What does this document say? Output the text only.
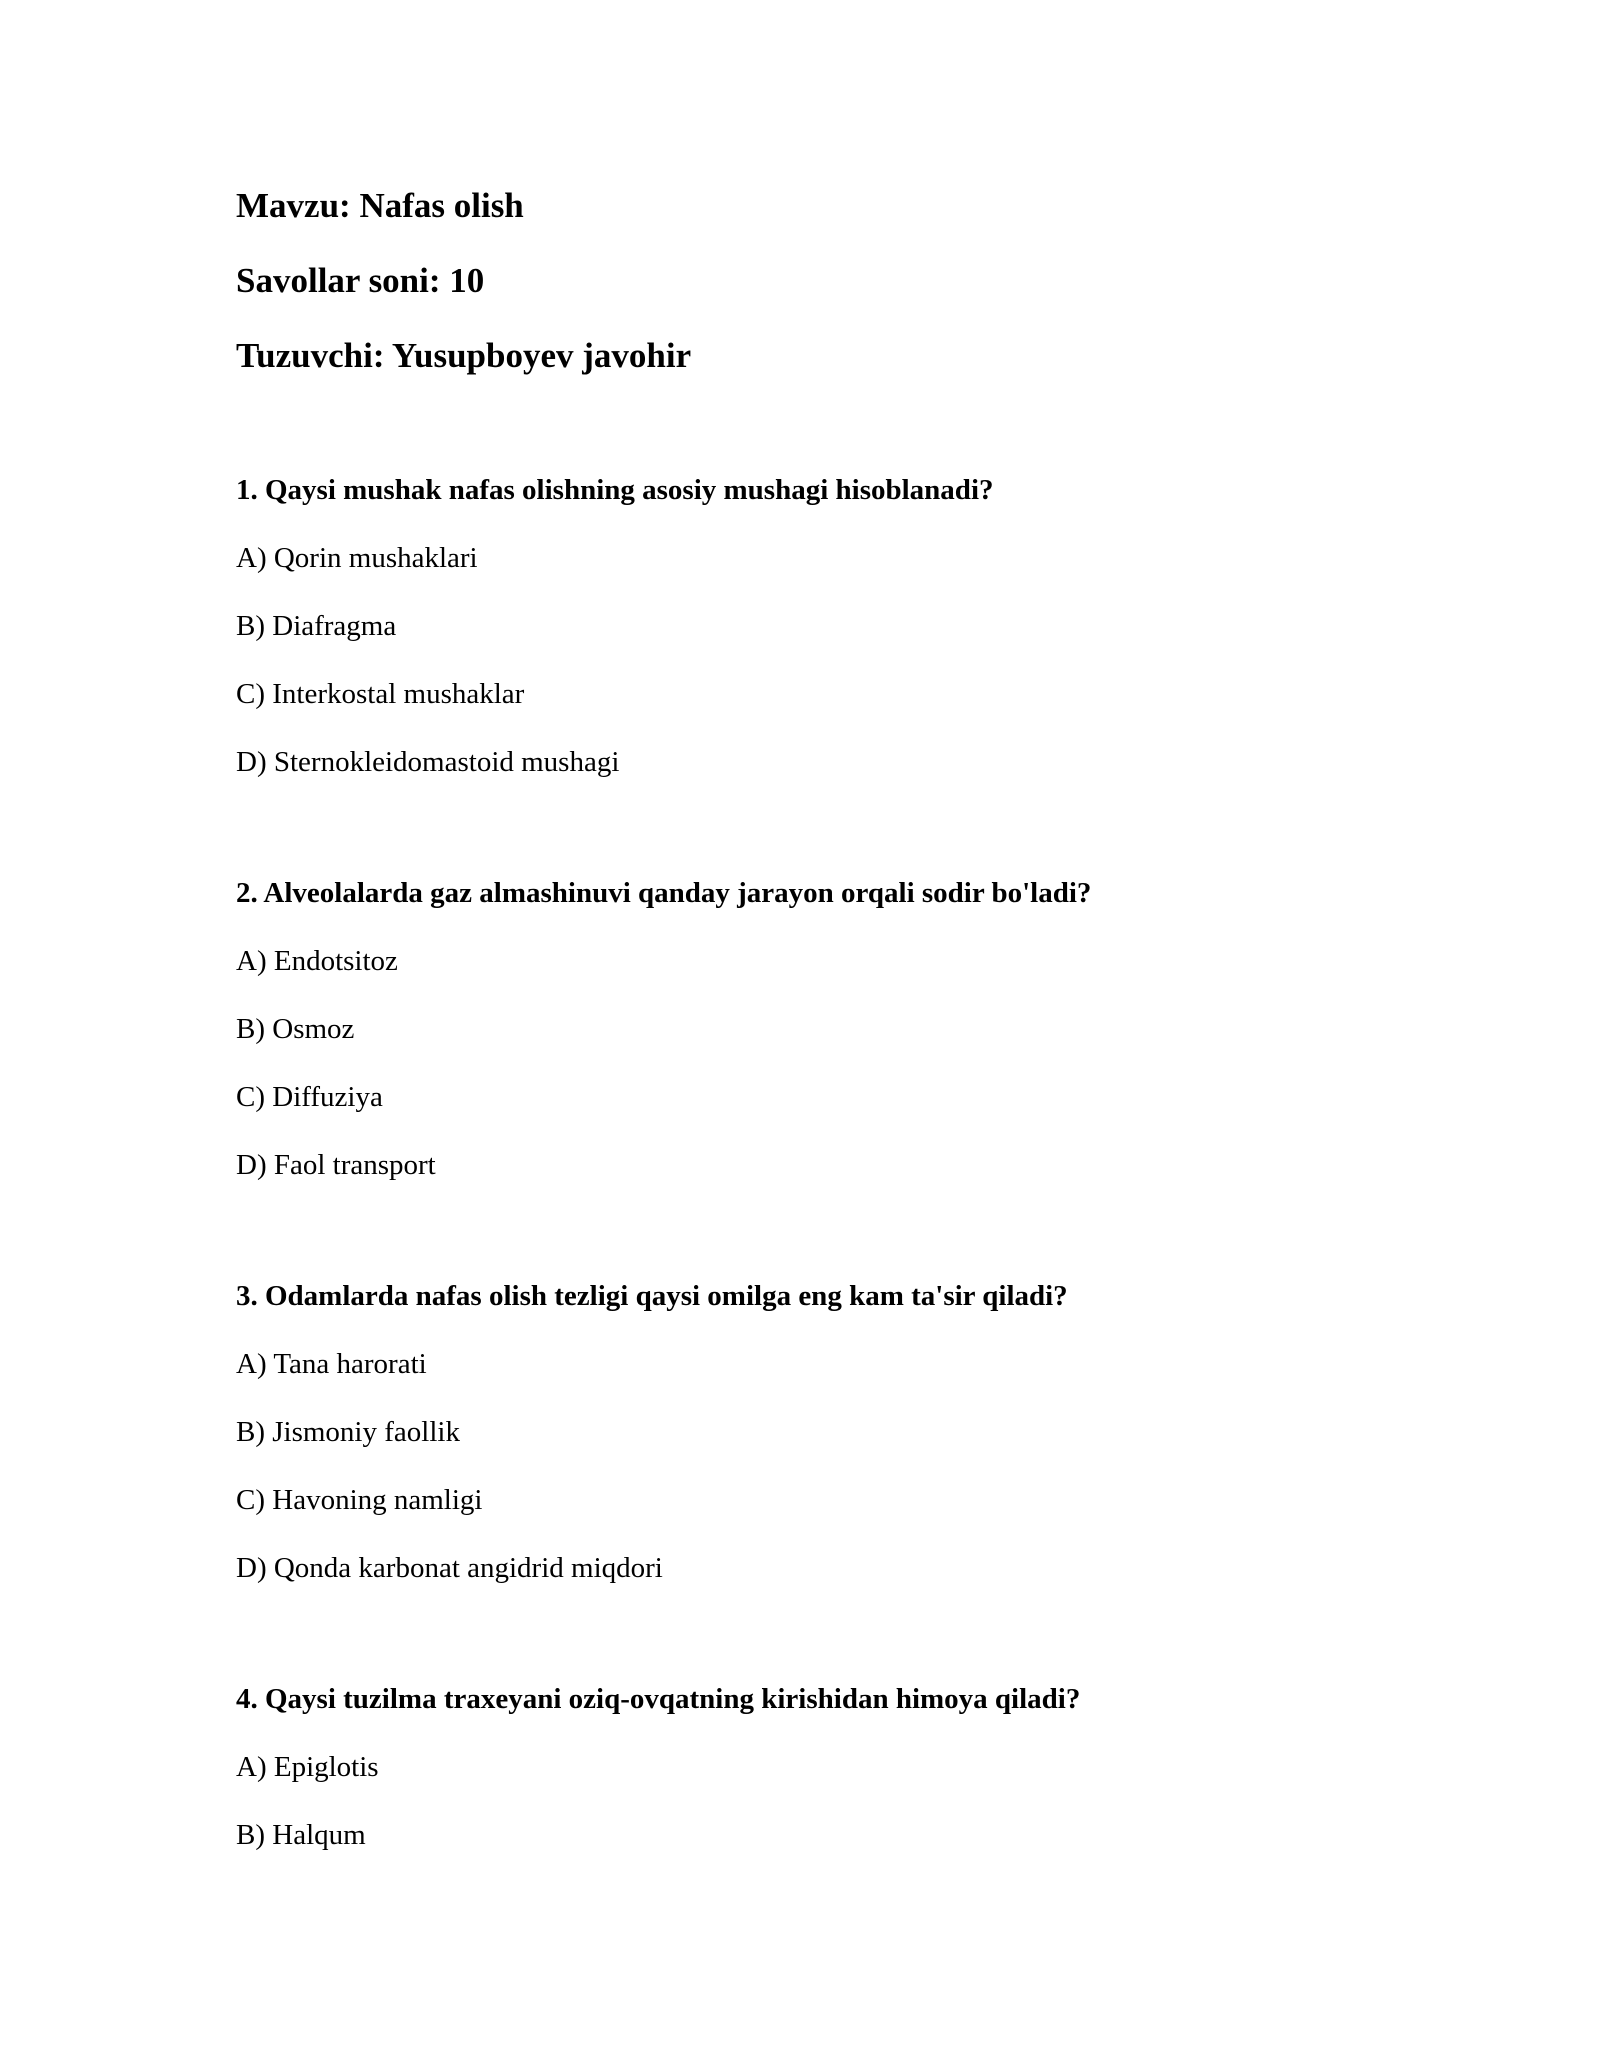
Mavzu: Nafas olish
Savollar soni: 10
Tuzuvchi: Yusupboyev javohir
1. Qaysi mushak nafas olishning asosiy mushagi hisoblanadi?
A) Qorin mushaklari
B) Diafragma
C) Interkostal mushaklar
D) Sternokleidomastoid mushagi
2. Alveolalarda gaz almashinuvi qanday jarayon orqali sodir bo'ladi?
A) Endotsitoz
B) Osmoz
C) Diffuziya
D) Faol transport
3. Odamlarda nafas olish tezligi qaysi omilga eng kam ta'sir qiladi?
A) Tana harorati
B) Jismoniy faollik
C) Havoning namligi
D) Qonda karbonat angidrid miqdori
4. Qaysi tuzilma traxeyani oziq-ovqatning kirishidan himoya qiladi?
A) Epiglotis
B) Halqum
